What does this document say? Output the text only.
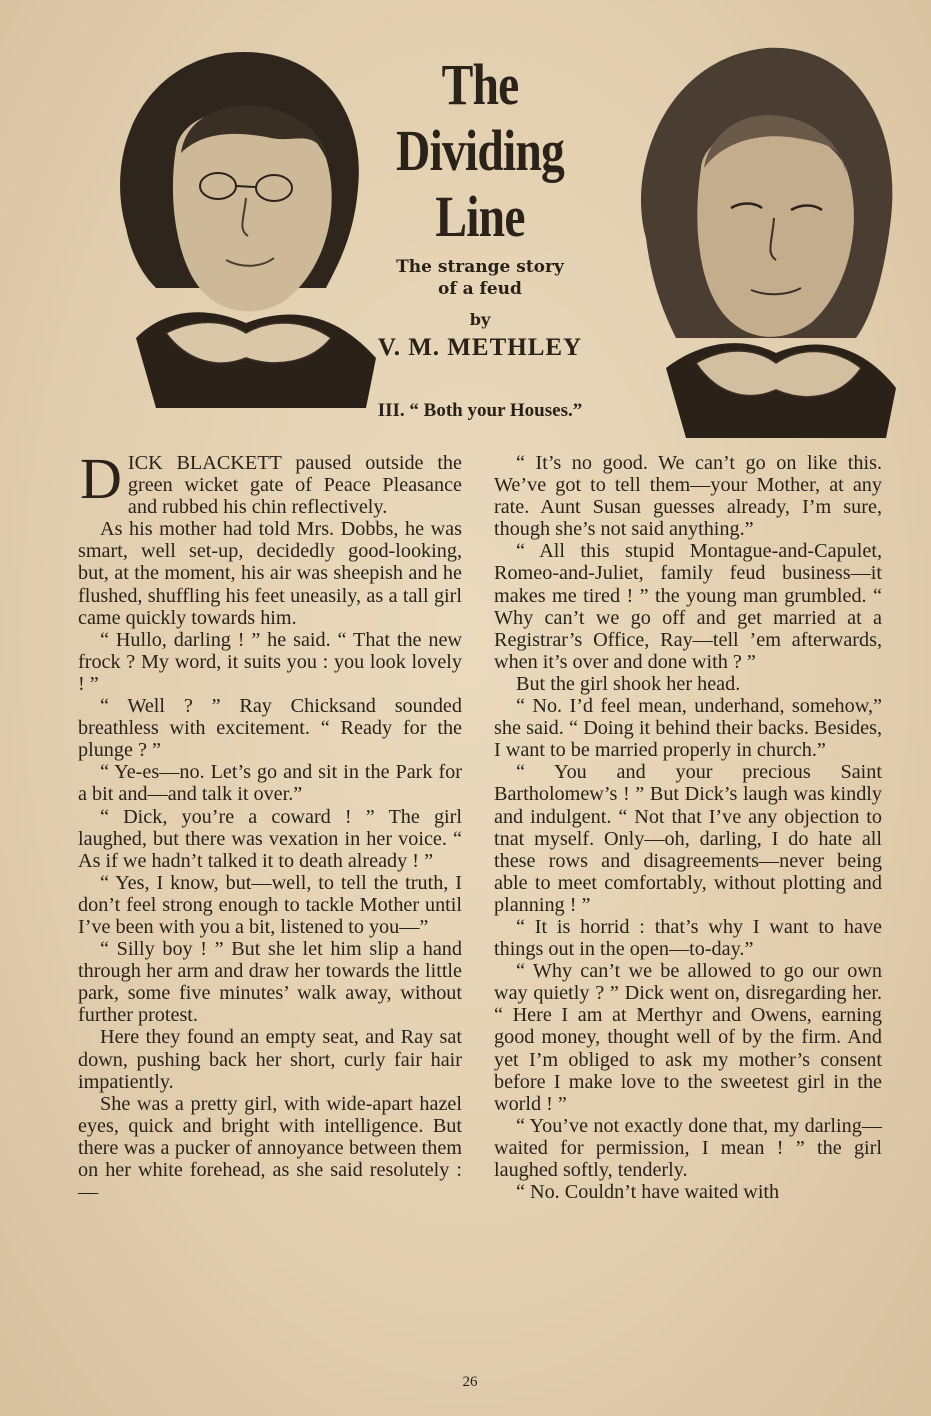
The
Dividing
Line
The strange story
of a feud
by
V. M. METHLEY
III. “ Both your Houses.”

DICK BLACKETT paused outside the green wicket gate of Peace Pleasance and rubbed his chin reflectively.

As his mother had told Mrs. Dobbs, he was smart, well set-up, decidedly good-looking, but, at the moment, his air was sheepish and he flushed, shuffling his feet uneasily, as a tall girl came quickly towards him.

“ Hullo, darling ! ” he said. “ That the new frock ? My word, it suits you : you look lovely ! ”

“ Well ? ” Ray Chicksand sounded breathless with excitement. “ Ready for the plunge ? ”

“ Ye-es—no. Let’s go and sit in the Park for a bit and—and talk it over.”

“ Dick, you’re a coward ! ” The girl laughed, but there was vexation in her voice. “ As if we hadn’t talked it to death already ! ”

“ Yes, I know, but—well, to tell the truth, I don’t feel strong enough to tackle Mother until I’ve been with you a bit, listened to you—”

“ Silly boy ! ” But she let him slip a hand through her arm and draw her towards the little park, some five minutes’ walk away, without further protest.

Here they found an empty seat, and Ray sat down, pushing back her short, curly fair hair impatiently.

She was a pretty girl, with wide-apart hazel eyes, quick and bright with intelligence. But there was a pucker of annoyance between them on her white forehead, as she said resolutely :—

“ It’s no good. We can’t go on like this. We’ve got to tell them—your Mother, at any rate. Aunt Susan guesses already, I’m sure, though she’s not said anything.”

“ All this stupid Montague-and-Capulet, Romeo-and-Juliet, family feud business—it makes me tired ! ” the young man grumbled. “ Why can’t we go off and get married at a Registrar’s Office, Ray—tell ’em afterwards, when it’s over and done with ? ”

But the girl shook her head.

“ No. I’d feel mean, underhand, somehow,” she said. “ Doing it behind their backs. Besides, I want to be married properly in church.”

“ You and your precious Saint Bartholomew’s ! ” But Dick’s laugh was kindly and indulgent. “ Not that I’ve any objection to tnat myself. Only—oh, darling, I do hate all these rows and disagreements—never being able to meet comfortably, without plotting and planning ! ”

“ It is horrid : that’s why I want to have things out in the open—to-day.”

“ Why can’t we be allowed to go our own way quietly ? ” Dick went on, disregarding her. “ Here I am at Merthyr and Owens, earning good money, thought well of by the firm. And yet I’m obliged to ask my mother’s consent before I make love to the sweetest girl in the world ! ”

“ You’ve not exactly done that, my darling—waited for permission, I mean ! ” the girl laughed softly, tenderly.

“ No. Couldn’t have waited with

26
